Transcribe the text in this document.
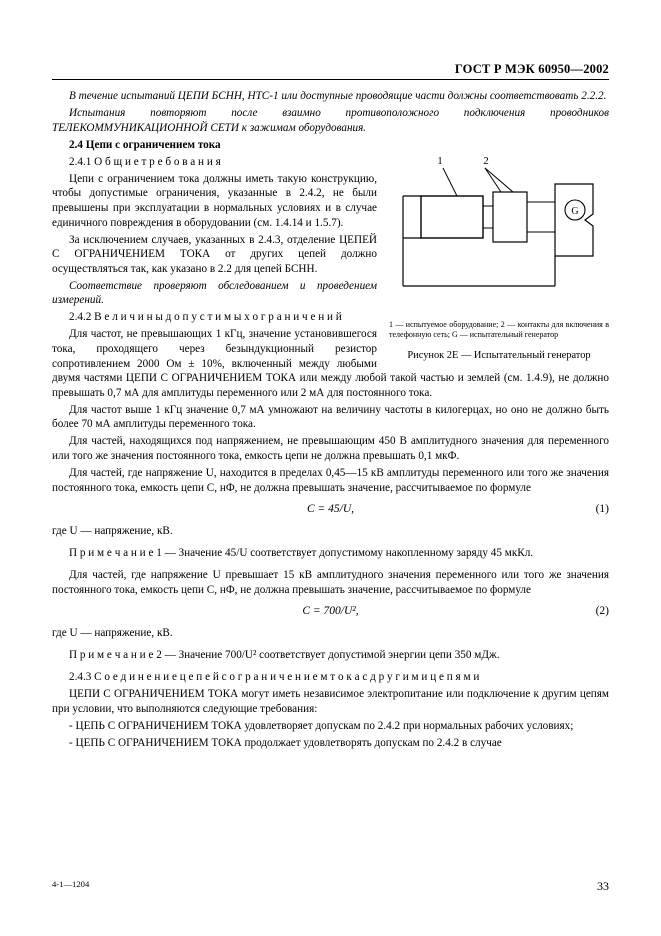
ГОСТ Р МЭК 60950—2002

В течение испытаний ЦЕПИ БСНН, НТС-1 или доступные проводящие части должны соответствовать 2.2.2.

Испытания повторяют после взаимно противоположного подключения проводников ТЕЛЕКОММУНИКАЦИОННОЙ СЕТИ к зажимам оборудования.

G
1	2
1 — испытуемое оборудование; 2 — контакты для включения в телефонную сеть; G — испытательный генератор
Рисунок 2Е — Испытательный генератор

2.4 Цепи с ограничением тока

2.4.1 О б щ и е т р е б о в а н и я

Цепи с ограничением тока должны иметь такую конструкцию, чтобы допустимые ограничения, указанные в 2.4.2, не были превышены при эксплуатации в нормальных условиях и в случае единичного повреждения в оборудовании (см. 1.4.14 и 1.5.7).

За исключением случаев, указанных в 2.4.3, отделение ЦЕПЕЙ С ОГРАНИЧЕНИЕМ ТОКА от других цепей должно осуществляться так, как указано в 2.2 для цепей БСНН.

Соответствие проверяют обследованием и проведением измерений.

2.4.2 В е л и ч и н ы д о п у с т и м ы х о г р а н и ч е н и й

Для частот, не превышающих 1 кГц, значение установившегося тока, проходящего через безындукционный резистор сопротивлением 2000 Ом ± 10%, включенный между любыми двумя частями ЦЕПИ С ОГРАНИЧЕНИЕМ ТОКА или между любой такой частью и землей (см. 1.4.9), не должно превышать 0,7 мА для амплитуды переменного или 2 мА для постоянного тока.

Для частот выше 1 кГц значение 0,7 мА умножают на величину частоты в килогерцах, но оно не должно быть более 70 мА амплитуды переменного тока.

Для частей, находящихся под напряжением, не превышающим 450 В амплитудного значения для переменного или того же значения постоянного тока, емкость цепи не должна превышать 0,1 мкФ.

Для частей, где напряжение U, находится в пределах 0,45—15 кВ амплитуды переменного или того же значения постоянного тока, емкость цепи C, нФ, не должна превышать значение, рассчитываемое по формуле

C = 45/U,	(1)

где U — напряжение, кВ.

П р и м е ч а н и е 1 — Значение 45/U соответствует допустимому накопленному заряду 45 мкКл.

Для частей, где напряжение U превышает 15 кВ амплитудного значения переменного или того же значения постоянного тока, емкость цепи C, нФ, не должна превышать значение, рассчитываемое по формуле

C = 700/U²,	(2)

где U — напряжение, кВ.

П р и м е ч а н и е 2 — Значение 700/U² соответствует допустимой энергии цепи 350 мДж.

2.4.3 С о е д и н е н и е ц е п е й с о г р а н и ч е н и е м т о к а с д р у г и м и ц е п я м и

ЦЕПИ С ОГРАНИЧЕНИЕМ ТОКА могут иметь независимое электропитание или подключение к другим цепям при условии, что выполняются следующие требования:

- ЦЕПЬ С ОГРАНИЧЕНИЕМ ТОКА удовлетворяет допускам по 2.4.2 при нормальных рабочих условиях;

- ЦЕПЬ С ОГРАНИЧЕНИЕМ ТОКА продолжает удовлетворять допускам по 2.4.2 в случае

4-1—1204	33
